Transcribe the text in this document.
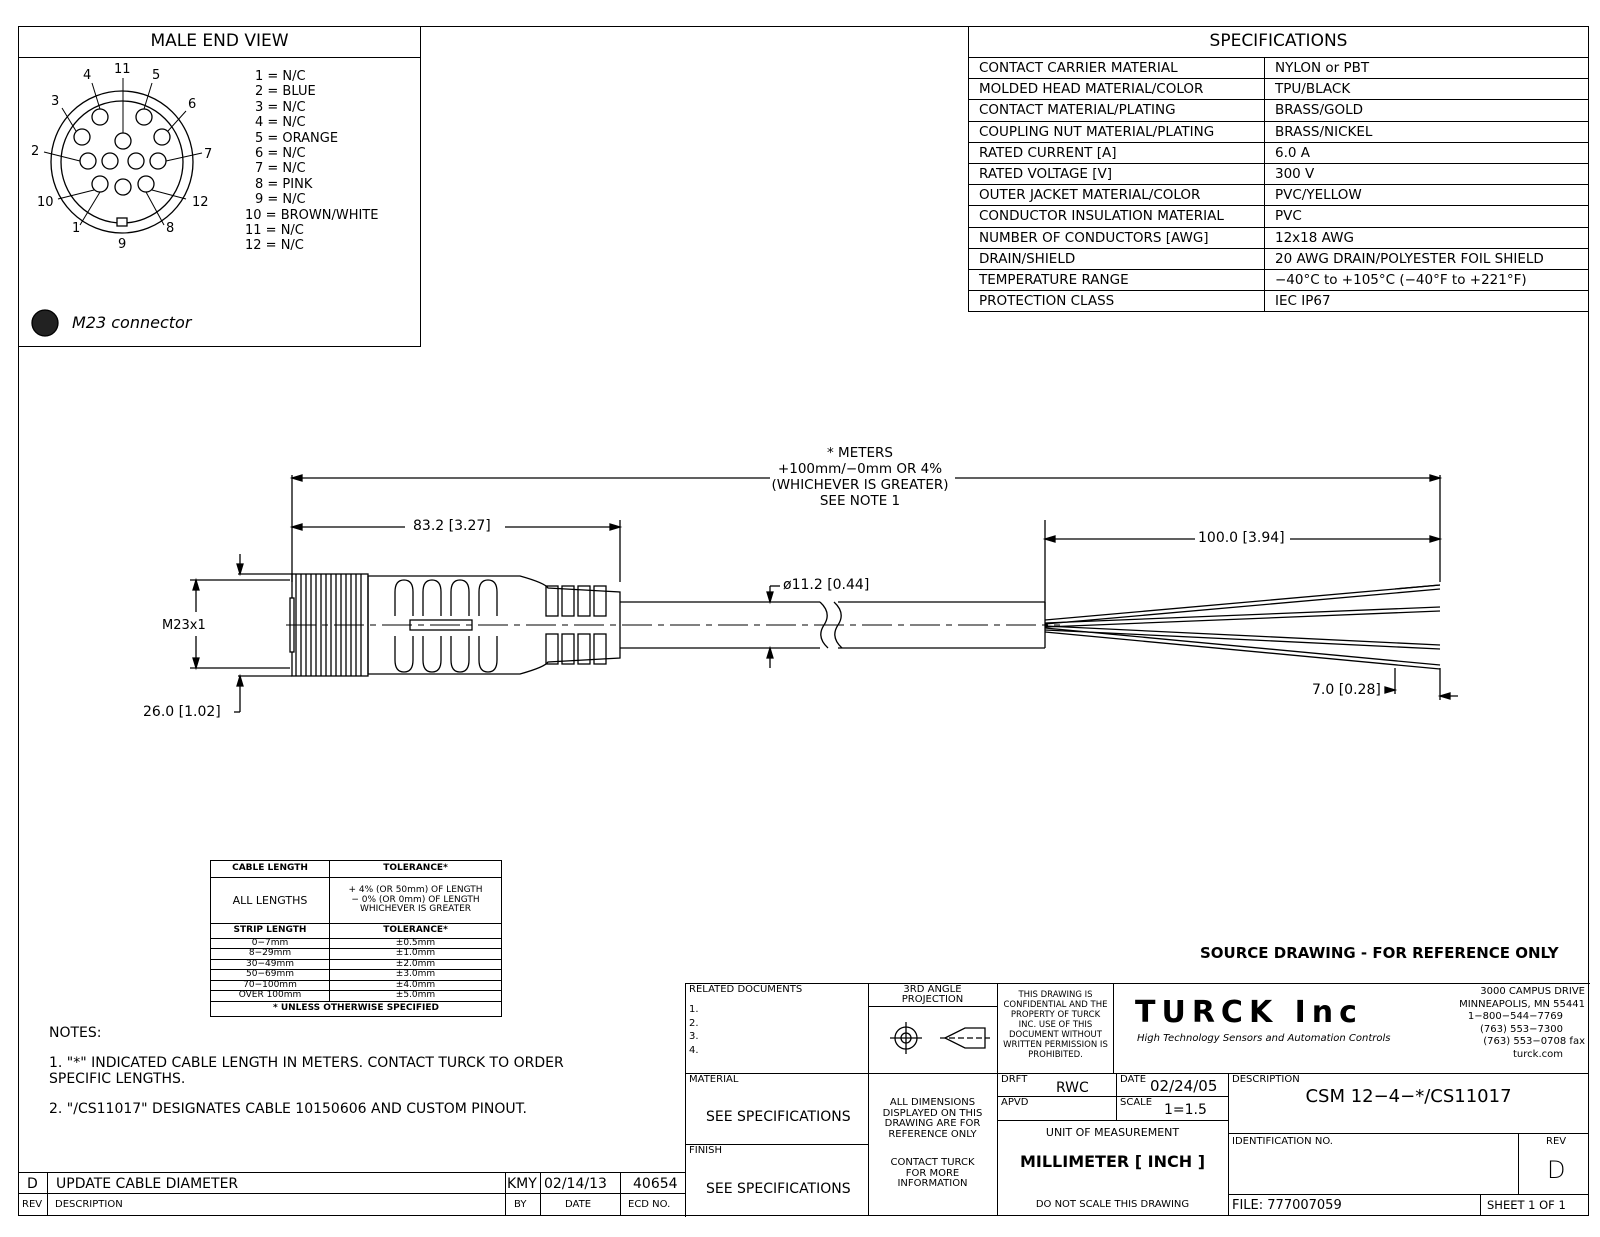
MALE END VIEW
1 = N/C
2 = BLUE
3 = N/C
4 = N/C
5 = ORANGE
6 = N/C
7 = N/C
8 = PINK
9 = N/C
10 = BROWN/WHITE
11 = N/C
12 = N/C
* METERS
+100mm/−0mm OR 4%
(WHICHEVER IS GREATER)
SEE NOTE 1
83.2 [3.27]
100.0 [3.94]
M23x1
26.0 [1.02]
ø11.2 [0.44]
7.0 [0.28]
M23 connector
11
4	5
3	6
2	7
10	12
1	8
9
SPECIFICATIONS
CONTACT CARRIER MATERIAL	NYLON or PBT
MOLDED HEAD MATERIAL/COLOR	TPU/BLACK
CONTACT MATERIAL/PLATING	BRASS/GOLD
COUPLING NUT MATERIAL/PLATING	BRASS/NICKEL
RATED CURRENT [A]	6.0 A
RATED VOLTAGE [V]	300 V
OUTER JACKET MATERIAL/COLOR	PVC/YELLOW
CONDUCTOR INSULATION MATERIAL	PVC
NUMBER OF CONDUCTORS [AWG]	12x18 AWG
DRAIN/SHIELD	20 AWG DRAIN/POLYESTER FOIL SHIELD
TEMPERATURE RANGE	−40°C to +105°C (−40°F to +221°F)
PROTECTION CLASS	IEC IP67
CABLE LENGTH	TOLERANCE*
ALL LENGTHS	+ 4% (OR 50mm) OF LENGTH
− 0% (OR 0mm) OF LENGTH
WHICHEVER IS GREATER

STRIP LENGTH	TOLERANCE*
0−7mm	±0.5mm
8−29mm	±1.0mm
30−49mm	±2.0mm
50−69mm	±3.0mm
70−100mm	±4.0mm
OVER 100mm	±5.0mm
* UNLESS OTHERWISE SPECIFIED	
NOTES:
1. "*" INDICATED CABLE LENGTH IN METERS. CONTACT TURCK TO ORDER
SPECIFIC LENGTHS.
2. "/CS11017" DESIGNATES CABLE 10150606 AND CUSTOM PINOUT.
SOURCE DRAWING - FOR REFERENCE ONLY
D UPDATE CABLE DIAMETER	KMY 02/14/13 40654
REV DESCRIPTION	BY	DATE	ECD NO.
RELATED DOCUMENTS
1.
2.
3.
4.
3RD ANGLE
PROJECTION	THIS DRAWING IS
CONFIDENTIAL AND THE
PROPERTY OF TURCK
INC. USE OF THIS
DOCUMENT WITHOUT
WRITTEN PERMISSION IS
PROHIBITED.
TURCK Inc
High Technology Sensors and Automation Controls
3000 CAMPUS DRIVE
MINNEAPOLIS, MN 55441
1−800−544−7769
(763) 553−7300
(763) 553−0708 fax
turck.com
MATERIAL
SEE SPECIFICATIONS
FINISH
SEE SPECIFICATIONS
ALL DIMENSIONS
DISPLAYED ON THIS
DRAWING ARE FOR
REFERENCE ONLY
CONTACT TURCK
FOR MORE
INFORMATION
DRFT
RWC
DATE 02/24/05
APVD	SCALE 1=1.5
UNIT OF MEASUREMENT
MILLIMETER [ INCH ]
DO NOT SCALE THIS DRAWING
DESCRIPTION
CSM 12−4−*/CS11017
IDENTIFICATION NO.	REV
D
FILE: 777007059	SHEET 1 OF 1
